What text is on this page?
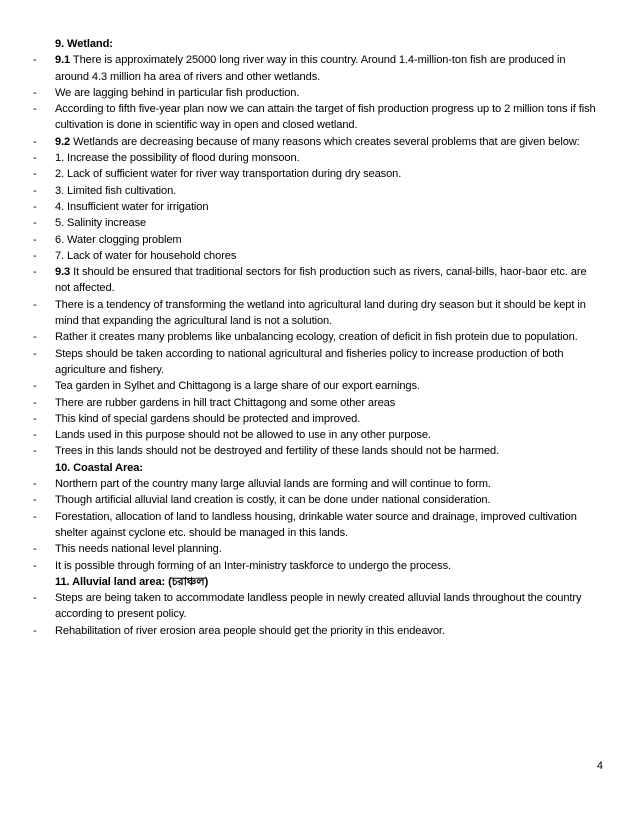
9. Wetland:
-	9.1 There is approximately 25000 long river way in this country. Around 1.4-million-ton fish are produced in around 4.3 million ha area of rivers and other wetlands.
-	We are lagging behind in particular fish production.
-	According to fifth five-year plan now we can attain the target of fish production progress up to 2 million tons if fish cultivation is done in scientific way in open and closed wetland.
-	9.2 Wetlands are decreasing because of many reasons which creates several problems that are given below:
-	1. Increase the possibility of flood during monsoon.
-	2. Lack of sufficient water for river way transportation during dry season.
-	3. Limited fish cultivation.
-	4. Insufficient water for irrigation
-	5. Salinity increase
-	6. Water clogging problem
-	7. Lack of water for household chores
-	9.3 It should be ensured that traditional sectors for fish production such as rivers, canal-bills, haor-baor etc. are not affected.
-	There is a tendency of transforming the wetland into agricultural land during dry season but it should be kept in mind that expanding the agricultural land is not a solution.
-	Rather it creates many problems like unbalancing ecology, creation of deficit in fish protein due to population.
-	Steps should be taken according to national agricultural and fisheries policy to increase production of both agriculture and fishery.
-	Tea garden in Sylhet and Chittagong is a large share of our export earnings.
-	There are rubber gardens in hill tract Chittagong and some other areas
-	This kind of special gardens should be protected and improved.
-	Lands used in this purpose should not be allowed to use in any other purpose.
-	Trees in this lands should not be destroyed and fertility of these lands should not be harmed.
10. Coastal Area:
-	Northern part of the country many large alluvial lands are forming and will continue to form.
-	Though artificial alluvial land creation is costly, it can be done under national consideration.
-	Forestation, allocation of land to landless housing, drinkable water source and drainage, improved cultivation shelter against cyclone etc. should be managed in this lands.
-	This needs national level planning.
-	It is possible through forming of an Inter-ministry taskforce to undergo the process.
11. Alluvial land area: (চরাঞ্চল)
-	Steps are being taken to accommodate landless people in newly created alluvial lands throughout the country according to present policy.
-	Rehabilitation of river erosion area people should get the priority in this endeavor.
4
